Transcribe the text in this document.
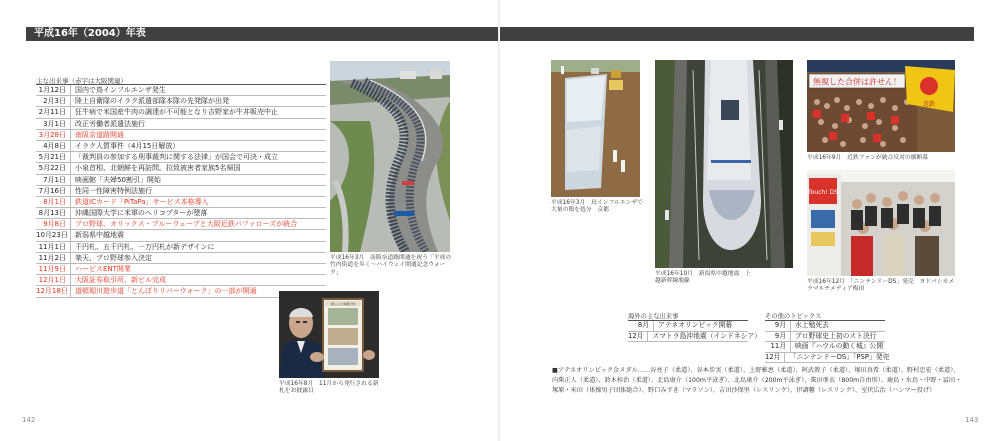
平成16年（2004）年表
主な出来事（赤字は大阪関連）
1月12日	国内で鳥インフルエンザ発生
2月3日	陸上自衛隊のイラク派遣部隊本隊の先発隊が出発
2月11日	狂牛病で米国産牛肉の調達が不可能となり吉野家が牛丼販売中止
3月1日	改正労働者派遣法施行
3月28日	南阪奈道路開通
4月8日	イラク人質事件（4月15日解放）
5月21日	「裁判員の参加する刑事裁判に関する法律」が国会で可決・成立
5月22日	小泉首相、北朝鮮を再訪問。拉致被害者家族5名帰国
7月1日	映画館「夫婦50割引」開始
7月16日	性同一性障害特例法施行
8月1日	鉄道ICカード「PiTaPa」サービス本格導入
8月13日	沖縄国際大学に米軍のヘリコプターが墜落
9月8日	プロ野球、オリックス・ブルーウェーブと大阪近鉄バファローズが統合
10月23日	新潟県中越地震
11月1日	千円札、五千円札、一万円札が新デザインに
11月2日	楽天、プロ野球参入決定
11月9日	ハービスENT開業
12月1日	大阪証券取引所、新ビル完成
12月18日	道頓堀川遊歩道「とんぼりリバーウォーク」の一部が開通
平成16年3月　南阪奈道路開通を祝う「平成の竹内街道を歩く〜ハイウェイ開通記念ウォーク」
新しい日本銀行券
平成16年8月　11月から発行される新札をお披露目
142
平成16年3月　鳥インフルエンザで大量の鶏を処分　京都
平成16年10月　新潟県中越地震　上越新幹線脱線
無視した合併は許せん！
近鉄
平成16年9月　近鉄ファンが統合反対の横断幕
Touch! DS
平成16年12月　「ニンテンドーDS」発売　ヨドバシカメラマルチメディア梅田
海外の主な出来事
8月	アテネオリンピック開幕
12月	スマトラ島沖地震（インドネシア）
その他のトピックス
9月	水上勉死去
9月	プロ野球史上初のスト決行
11月	映画『ハウルの動く城』公開
12月	「ニンテンドーDS」「PSP」発売
■アテネオリンピック金メダル……谷亮子（柔道）、谷本歩実（柔道）、上野雅恵（柔道）、阿武教子（柔道）、塚田真希（柔道）、野村忠宏（柔道）、内柴正人（柔道）、鈴木桂治（柔道）、北島康介（100m平泳ぎ）、北島康介（200m平泳ぎ）、柴田亜衣（800m自由形）、鹿島・水鳥・中野・冨田・塚原・米田（体操男子団体総合）、野口みずき（マラソン）、吉田沙保里（レスリング）、伊調馨（レスリング）、室伏広治（ハンマー投げ）
143
